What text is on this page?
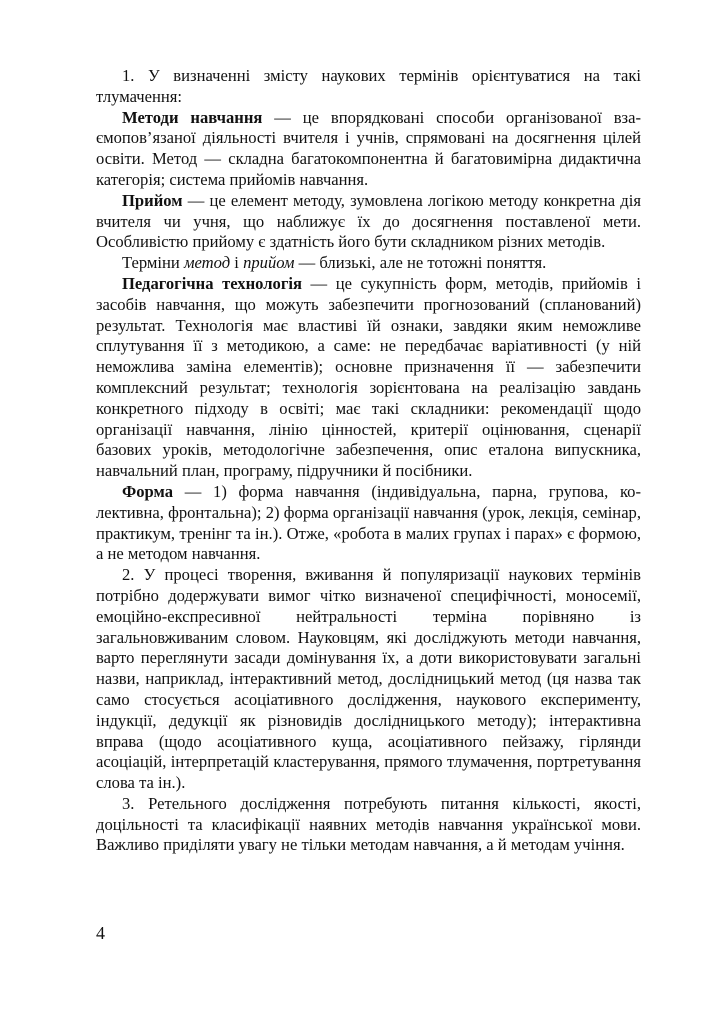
1. У визначенні змісту наукових термінів орієнтуватися на такі тлумачення:

Методи навчання — це впорядковані способи організованої взаємопов’язаної діяльності вчителя і учнів, спрямовані на досягнення цілей освіти. Метод — складна багатокомпонентна й багатовимірна дидактична категорія; система прийомів навчання.

Прийом — це елемент методу, зумовлена логікою методу конкретна дія вчителя чи учня, що наближує їх до досягнення поставленої мети. Особливістю прийому є здатність його бути складником різних методів.

Терміни метод і прийом — близькі, але не тотожні поняття.

Педагогічна технологія — це сукупність форм, методів, прийомів і засобів навчання, що можуть забезпечити прогнозований (спланований) результат. Технологія має властиві їй ознаки, завдяки яким неможливе сплутування її з методикою, а саме: не передбачає варіативності (у ній неможлива заміна елементів); основне призначення її — забезпечити комплексний результат; технологія зорієнтована на реалізацію завдань конкретного підходу в освіті; має такі складники: рекомендації щодо організації навчання, лінію цінностей, критерії оцінювання, сценарії базових уроків, методологічне забезпечення, опис еталона випускника, навчальний план, програму, підручники й посібники.

Форма — 1) форма навчання (індивідуальна, парна, групова, колективна, фронтальна); 2) форма організації навчання (урок, лекція, семінар, практикум, тренінг та ін.). Отже, «робота в малих групах і парах» є формою, а не методом навчання.

2. У процесі творення, вживання й популяризації наукових термінів потрібно додержувати вимог чітко визначеної специфічності, моносемії, емоційно-експресивної нейтральності терміна порівняно із загальновживаним словом. Науковцям, які досліджують методи навчання, варто переглянути засади домінування їх, а доти використовувати загальні назви, наприклад, інтерактивний метод, дослідницький метод (ця назва так само стосується асоціативного дослідження, наукового експерименту, індукції, дедукції як різновидів дослідницького методу); інтерактивна вправа (щодо асоціативного куща, асоціативного пейзажу, гірлянди асоціацій, інтерпретацій кластерування, прямого тлумачення, портретування слова та ін.).

3. Ретельного дослідження потребують питання кількості, якості, доцільності та класифікації наявних методів навчання української мови. Важливо приділяти увагу не тільки методам навчання, а й методам учіння.

4
